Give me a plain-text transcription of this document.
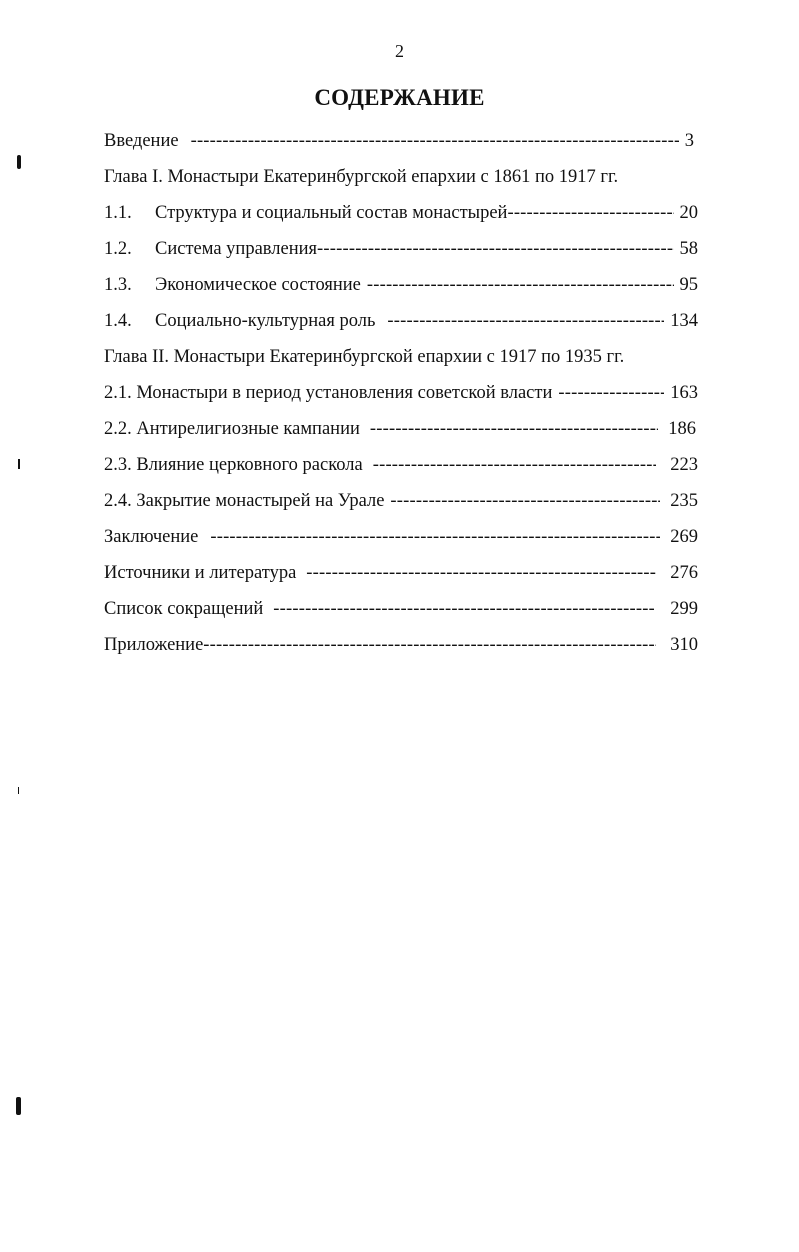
2
СОДЕРЖАНИЕ
Введение -----	3
Глава I. Монастыри Екатеринбургской епархии с 1861 по 1917 гг.
1.1.	Структура и социальный состав монастырей -----	20
1.2.	Система управления -----	58
1.3.	Экономическое состояние -----	95
1.4.	Социально-культурная роль -----	134
Глава II. Монастыри Екатеринбургской епархии с 1917 по 1935 гг.
2.1. Монастыри в период установления советской власти -----	163
2.2. Антирелигиозные кампании -----	186
2.3. Влияние церковного раскола -----	223
2.4. Закрытие монастырей на Урале -----	235
Заключение -----	269
Источники и литература -----	276
Список сокращений -----	299
Приложение -----	310
